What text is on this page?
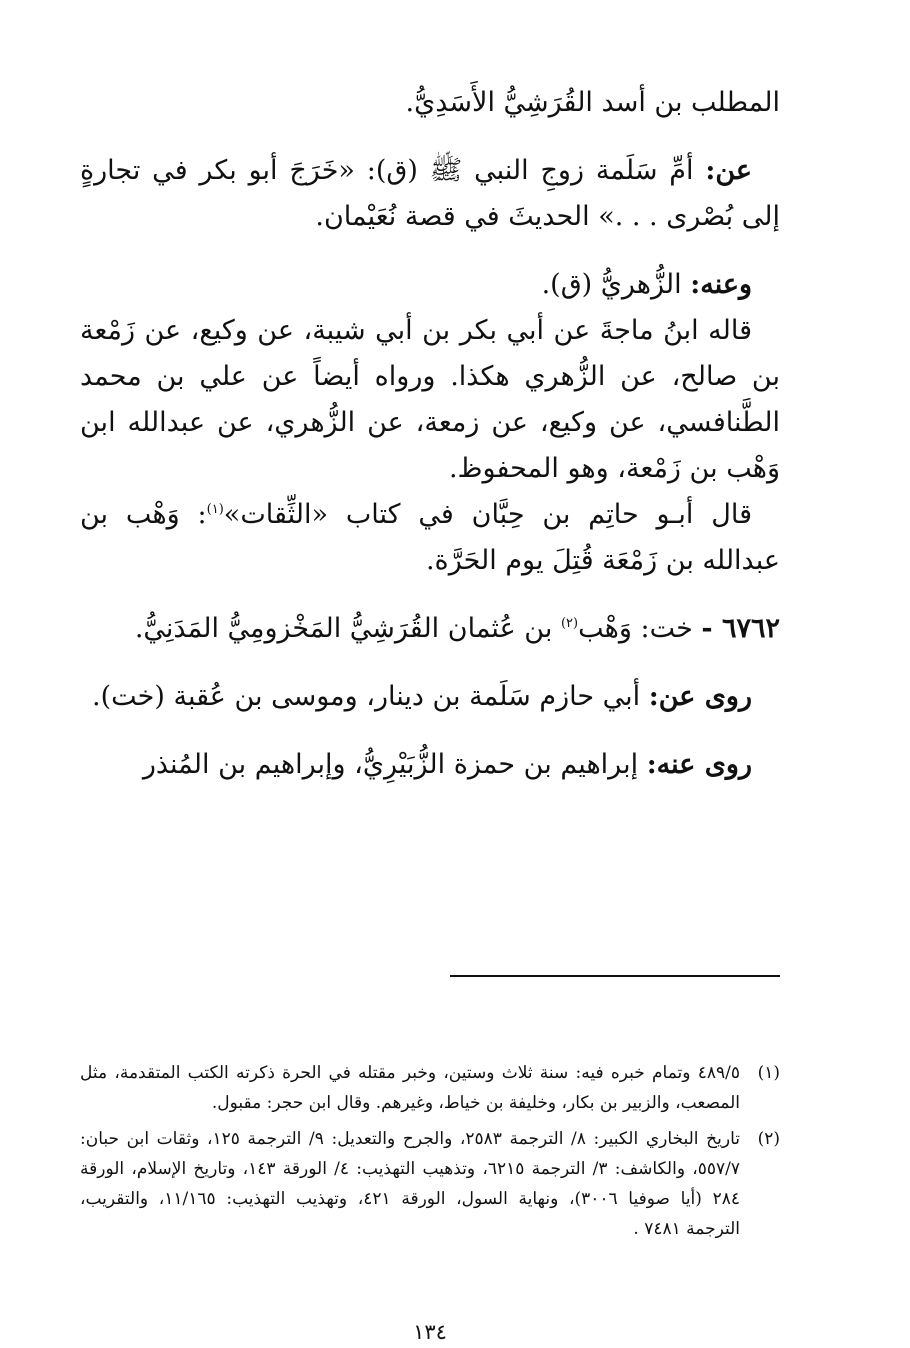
المطلب بن أسد القُرَشِيُّ الأَسَدِيُّ.

عن: أمِّ سَلَمة زوجِ النبي ﷺ (ق): «خَرَجَ أبو بكر في تجارةٍ إلى بُصْرى . . .» الحديثَ في قصة نُعَيْمان.

وعنه: الزُّهريُّ (ق).

قاله ابنُ ماجةَ عن أبي بكر بن أبي شيبة، عن وكيع، عن زَمْعة بن صالح، عن الزُّهري هكذا. ورواه أيضاً عن علي بن محمد الطَّنافسي، عن وكيع، عن زمعة، عن الزُّهري، عن عبدالله ابن وَهْب بن زَمْعة، وهو المحفوظ.

قال أبـو حاتِم بن حِبَّان في كتاب «الثِّقات»$^{(١)}$: وَهْب بن عبدالله بن زَمْعَة قُتِلَ يوم الحَرَّة.

٦٧٦٢ - خت: وَهْب$^{(٢)}$ بن عُثمان القُرَشِيُّ المَخْزومِيُّ المَدَنِيُّ.

روى عن: أبي حازم سَلَمة بن دينار، وموسى بن عُقبة (خت).

روى عنه: إبراهيم بن حمزة الزُّبَيْرِيُّ، وإبراهيم بن المُنذر

(١)
٤٨٩/٥ وتمام خبره فيه: سنة ثلاث وستين، وخبر مقتله في الحرة ذكرته الكتب المتقدمة، مثل المصعب، والزبير بن بكار، وخليفة بن خياط، وغيرهم. وقال ابن حجر: مقبول.
(٢)
تاريخ البخاري الكبير: ٨/ الترجمة ٢٥٨٣، والجرح والتعديل: ٩/ الترجمة ١٢٥، وثقات ابن حبان: ٥٥٧/٧، والكاشف: ٣/ الترجمة ٦٢١٥، وتذهيب التهذيب: ٤/ الورقة ١٤٣، وتاريخ الإسلام، الورقة ٢٨٤ (أيا صوفيا ٣٠٠٦)، ونهاية السول، الورقة ٤٢١، وتهذيب التهذيب: ١١/١٦٥، والتقريب، الترجمة ٧٤٨١ .
١٣٤
